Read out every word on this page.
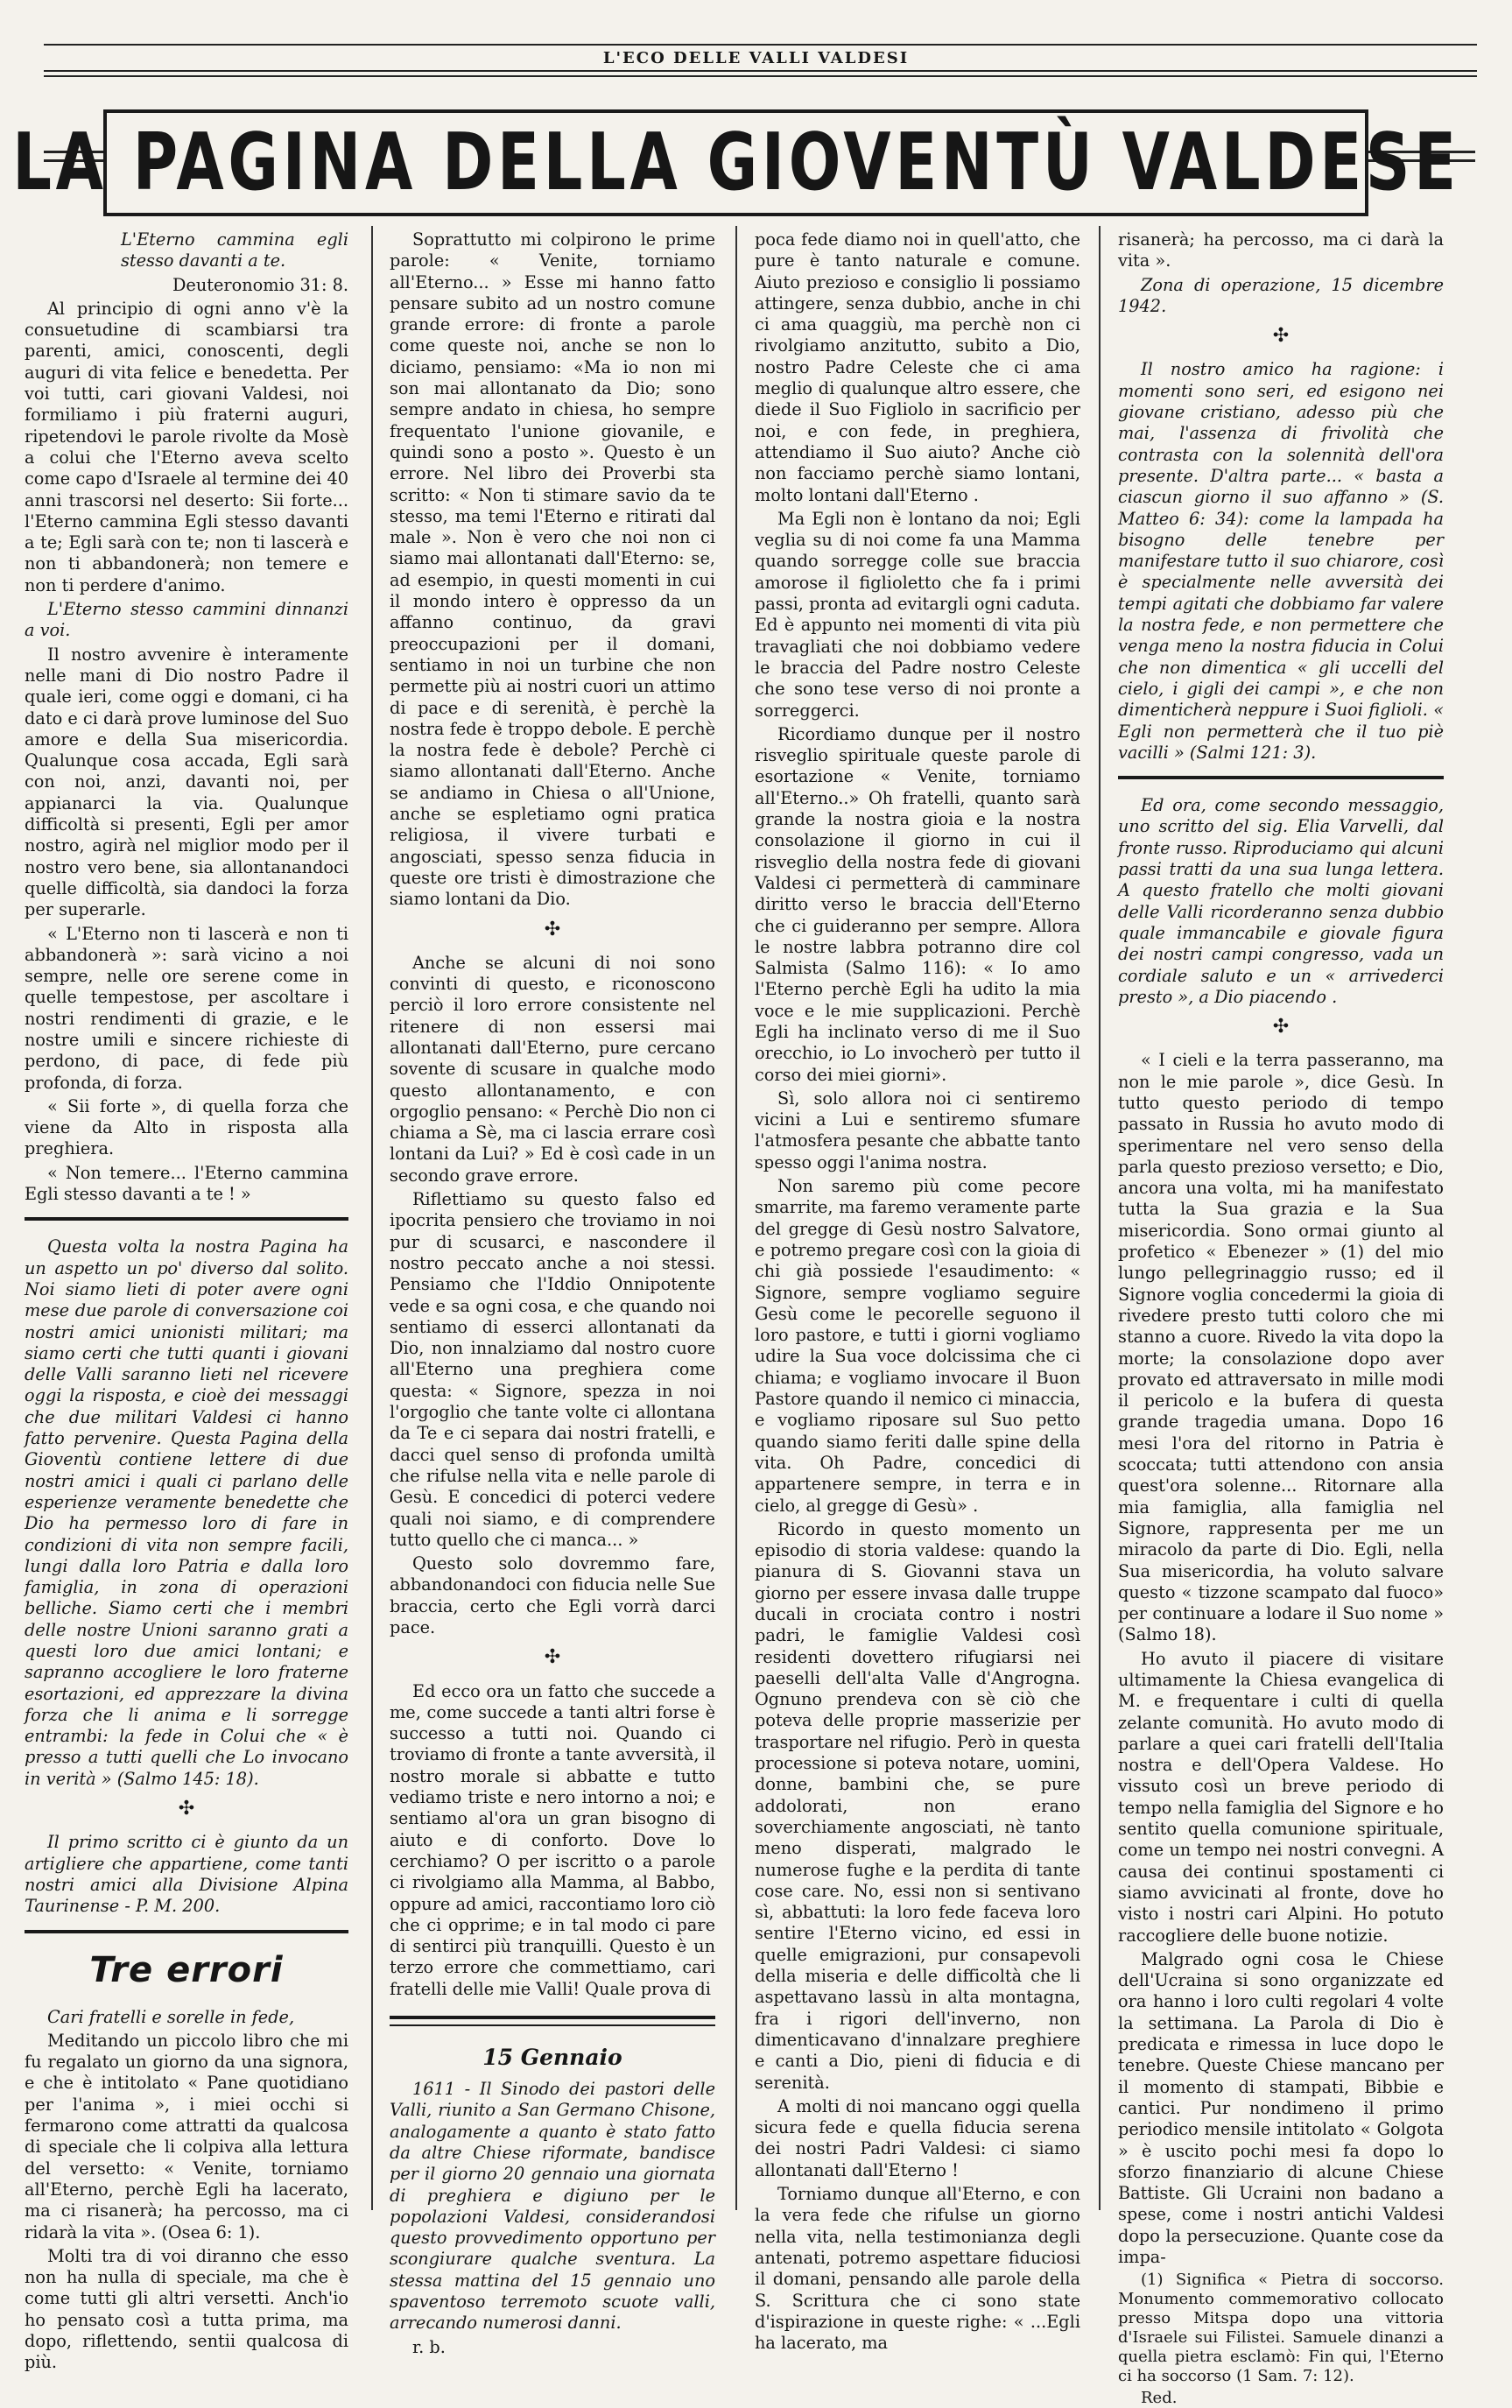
L'ECO DELLE VALLI VALDESI
LA PAGINA DELLA GIOVENTÙ VALDESE

L'Eterno cammina egli stesso davanti a te.

Deuteronomio 31: 8.

Al principio di ogni anno v'è la consuetudine di scambiarsi tra parenti, amici, conoscenti, degli auguri di vita felice e benedetta. Per voi tutti, cari giovani Valdesi, noi formiliamo i più fraterni auguri, ripetendovi le parole rivolte da Mosè a colui che l'Eterno aveva scelto come capo d'Israele al termine dei 40 anni trascorsi nel deserto: Sii forte... l'Eterno cammina Egli stesso davanti a te; Egli sarà con te; non ti lascerà e non ti abbandonerà; non temere e non ti perdere d'animo.

L'Eterno stesso cammini dinnanzi a voi.

Il nostro avvenire è interamente nelle mani di Dio nostro Padre il quale ieri, come oggi e domani, ci ha dato e ci darà prove luminose del Suo amore e della Sua misericordia. Qualunque cosa accada, Egli sarà con noi, anzi, davanti noi, per appianarci la via. Qualunque difficoltà si presenti, Egli per amor nostro, agirà nel miglior modo per il nostro vero bene, sia allontanandoci quelle difficoltà, sia dandoci la forza per superarle.

« L'Eterno non ti lascerà e non ti abbandonerà »: sarà vicino a noi sempre, nelle ore serene come in quelle tempestose, per ascoltare i nostri rendimenti di grazie, e le nostre umili e sincere richieste di perdono, di pace, di fede più profonda, di forza.

« Sii forte », di quella forza che viene da Alto in risposta alla preghiera.

« Non temere... l'Eterno cammina Egli stesso davanti a te ! »

Questa volta la nostra Pagina ha un aspetto un po' diverso dal solito. Noi siamo lieti di poter avere ogni mese due parole di conversazione coi nostri amici unionisti militari; ma siamo certi che tutti quanti i giovani delle Valli saranno lieti nel ricevere oggi la risposta, e cioè dei messaggi che due militari Valdesi ci hanno fatto pervenire. Questa Pagina della Gioventù contiene lettere di due nostri amici i quali ci parlano delle esperienze veramente benedette che Dio ha permesso loro di fare in condizioni di vita non sempre facili, lungi dalla loro Patria e dalla loro famiglia, in zona di operazioni belliche. Siamo certi che i membri delle nostre Unioni saranno grati a questi loro due amici lontani; e sapranno accogliere le loro fraterne esortazioni, ed apprezzare la divina forza che li anima e li sorregge entrambi: la fede in Colui che « è presso a tutti quelli che Lo invocano in verità » (Salmo 145: 18).

✣

Il primo scritto ci è giunto da un artigliere che appartiene, come tanti nostri amici alla Divisione Alpina Taurinense - P. M. 200.

Tre errori

Cari fratelli e sorelle in fede,

Meditando un piccolo libro che mi fu regalato un giorno da una signora, e che è intitolato « Pane quotidiano per l'anima », i miei occhi si fermarono come attratti da qualcosa di speciale che li colpiva alla lettura del versetto: « Venite, torniamo all'Eterno, perchè Egli ha lacerato, ma ci risanerà; ha percosso, ma ci ridarà la vita ». (Osea 6: 1).

Molti tra di voi diranno che esso non ha nulla di speciale, ma che è come tutti gli altri versetti. Anch'io ho pensato così a tutta prima, ma dopo, riflettendo, sentii qualcosa di più.

Soprattutto mi colpirono le prime parole: « Venite, torniamo all'Eterno... » Esse mi hanno fatto pensare subito ad un nostro comune grande errore: di fronte a parole come queste noi, anche se non lo diciamo, pensiamo: «Ma io non mi son mai allontanato da Dio; sono sempre andato in chiesa, ho sempre frequentato l'unione giovanile, e quindi sono a posto ». Questo è un errore. Nel libro dei Proverbi sta scritto: « Non ti stimare savio da te stesso, ma temi l'Eterno e ritirati dal male ». Non è vero che noi non ci siamo mai allontanati dall'Eterno: se, ad esempio, in questi momenti in cui il mondo intero è oppresso da un affanno continuo, da gravi preoccupazioni per il domani, sentiamo in noi un turbine che non permette più ai nostri cuori un attimo di pace e di serenità, è perchè la nostra fede è troppo debole. E perchè la nostra fede è debole? Perchè ci siamo allontanati dall'Eterno. Anche se andiamo in Chiesa o all'Unione, anche se espletiamo ogni pratica religiosa, il vivere turbati e angosciati, spesso senza fiducia in queste ore tristi è dimostrazione che siamo lontani da Dio.

✣

Anche se alcuni di noi sono convinti di questo, e riconoscono perciò il loro errore consistente nel ritenere di non essersi mai allontanati dall'Eterno, pure cercano sovente di scusare in qualche modo questo allontanamento, e con orgoglio pensano: « Perchè Dio non ci chiama a Sè, ma ci lascia errare così lontani da Lui? » Ed è così cade in un secondo grave errore.

Riflettiamo su questo falso ed ipocrita pensiero che troviamo in noi pur di scusarci, e nascondere il nostro peccato anche a noi stessi. Pensiamo che l'Iddio Onnipotente vede e sa ogni cosa, e che quando noi sentiamo di esserci allontanati da Dio, non innalziamo dal nostro cuore all'Eterno una preghiera come questa: « Signore, spezza in noi l'orgoglio che tante volte ci allontana da Te e ci separa dai nostri fratelli, e dacci quel senso di profonda umiltà che rifulse nella vita e nelle parole di Gesù. E concedici di poterci vedere quali noi siamo, e di comprendere tutto quello che ci manca... »

Questo solo dovremmo fare, abbandonandoci con fiducia nelle Sue braccia, certo che Egli vorrà darci pace.

✣

Ed ecco ora un fatto che succede a me, come succede a tanti altri forse è successo a tutti noi. Quando ci troviamo di fronte a tante avversità, il nostro morale si abbatte e tutto vediamo triste e nero intorno a noi; e sentiamo al'ora un gran bisogno di aiuto e di conforto. Dove lo cerchiamo? O per iscritto o a parole ci rivolgiamo alla Mamma, al Babbo, oppure ad amici, raccontiamo loro ciò che ci opprime; e in tal modo ci pare di sentirci più tranquilli. Questo è un terzo errore che commettiamo, cari fratelli delle mie Valli! Quale prova di

15 Gennaio

1611 - Il Sinodo dei pastori delle Valli, riunito a San Germano Chisone, analogamente a quanto è stato fatto da altre Chiese riformate, bandisce per il giorno 20 gennaio una giornata di preghiera e digiuno per le popolazioni Valdesi, considerandosi questo provvedimento opportuno per scongiurare qualche sventura. La stessa mattina del 15 gennaio uno spaventoso terremoto scuote valli, arrecando numerosi danni.

r. b.

poca fede diamo noi in quell'atto, che pure è tanto naturale e comune. Aiuto prezioso e consiglio li possiamo attingere, senza dubbio, anche in chi ci ama quaggiù, ma perchè non ci rivolgiamo anzitutto, subito a Dio, nostro Padre Celeste che ci ama meglio di qualunque altro essere, che diede il Suo Figliolo in sacrificio per noi, e con fede, in preghiera, attendiamo il Suo aiuto? Anche ciò non facciamo perchè siamo lontani, molto lontani dall'Eterno .

Ma Egli non è lontano da noi; Egli veglia su di noi come fa una Mamma quando sorregge colle sue braccia amorose il figlioletto che fa i primi passi, pronta ad evitargli ogni caduta. Ed è appunto nei momenti di vita più travagliati che noi dobbiamo vedere le braccia del Padre nostro Celeste che sono tese verso di noi pronte a sorreggerci.

Ricordiamo dunque per il nostro risveglio spirituale queste parole di esortazione « Venite, torniamo all'Eterno..» Oh fratelli, quanto sarà grande la nostra gioia e la nostra consolazione il giorno in cui il risveglio della nostra fede di giovani Valdesi ci permetterà di camminare diritto verso le braccia dell'Eterno che ci guideranno per sempre. Allora le nostre labbra potranno dire col Salmista (Salmo 116): « Io amo l'Eterno perchè Egli ha udito la mia voce e le mie supplicazioni. Perchè Egli ha inclinato verso di me il Suo orecchio, io Lo invocherò per tutto il corso dei miei giorni».

Sì, solo allora noi ci sentiremo vicini a Lui e sentiremo sfumare l'atmosfera pesante che abbatte tanto spesso oggi l'anima nostra.

Non saremo più come pecore smarrite, ma faremo veramente parte del gregge di Gesù nostro Salvatore, e potremo pregare così con la gioia di chi già possiede l'esaudimento: « Signore, sempre vogliamo seguire Gesù come le pecorelle seguono il loro pastore, e tutti i giorni vogliamo udire la Sua voce dolcissima che ci chiama; e vogliamo invocare il Buon Pastore quando il nemico ci minaccia, e vogliamo riposare sul Suo petto quando siamo feriti dalle spine della vita. Oh Padre, concedici di appartenere sempre, in terra e in cielo, al gregge di Gesù» .

Ricordo in questo momento un episodio di storia valdese: quando la pianura di S. Giovanni stava un giorno per essere invasa dalle truppe ducali in crociata contro i nostri padri, le famiglie Valdesi così residenti dovettero rifugiarsi nei paeselli dell'alta Valle d'Angrogna. Ognuno prendeva con sè ciò che poteva delle proprie masserizie per trasportare nel rifugio. Però in questa processione si poteva notare, uomini, donne, bambini che, se pure addolorati, non erano soverchiamente angosciati, nè tanto meno disperati, malgrado le numerose fughe e la perdita di tante cose care. No, essi non si sentivano sì, abbattuti: la loro fede faceva loro sentire l'Eterno vicino, ed essi in quelle emigrazioni, pur consapevoli della miseria e delle difficoltà che li aspettavano lassù in alta montagna, fra i rigori dell'inverno, non dimenticavano d'innalzare preghiere e canti a Dio, pieni di fiducia e di serenità.

A molti di noi mancano oggi quella sicura fede e quella fiducia serena dei nostri Padri Valdesi: ci siamo allontanati dall'Eterno !

Torniamo dunque all'Eterno, e con la vera fede che rifulse un giorno nella vita, nella testimonianza degli antenati, potremo aspettare fiduciosi il domani, pensando alle parole della S. Scrittura che ci sono state d'ispirazione in queste righe: « ...Egli ha lacerato, ma

risanerà; ha percosso, ma ci darà la vita ».

Zona di operazione, 15 dicembre 1942.

✣

Il nostro amico ha ragione: i momenti sono seri, ed esigono nei giovane cristiano, adesso più che mai, l'assenza di frivolità che contrasta con la solennità dell'ora presente. D'altra parte... « basta a ciascun giorno il suo affanno » (S. Matteo 6: 34): come la lampada ha bisogno delle tenebre per manifestare tutto il suo chiarore, così è specialmente nelle avversità dei tempi agitati che dobbiamo far valere la nostra fede, e non permettere che venga meno la nostra fiducia in Colui che non dimentica « gli uccelli del cielo, i gigli dei campi », e che non dimenticherà neppure i Suoi figlioli. « Egli non permetterà che il tuo piè vacilli » (Salmi 121: 3).

Ed ora, come secondo messaggio, uno scritto del sig. Elia Varvelli, dal fronte russo. Riproduciamo qui alcuni passi tratti da una sua lunga lettera. A questo fratello che molti giovani delle Valli ricorderanno senza dubbio quale immancabile e giovale figura dei nostri campi congresso, vada un cordiale saluto e un « arrivederci presto », a Dio piacendo .

✣

« I cieli e la terra passeranno, ma non le mie parole », dice Gesù. In tutto questo periodo di tempo passato in Russia ho avuto modo di sperimentare nel vero senso della parla questo prezioso versetto; e Dio, ancora una volta, mi ha manifestato tutta la Sua grazia e la Sua misericordia. Sono ormai giunto al profetico « Ebenezer » (1) del mio lungo pellegrinaggio russo; ed il Signore voglia concedermi la gioia di rivedere presto tutti coloro che mi stanno a cuore. Rivedo la vita dopo la morte; la consolazione dopo aver provato ed attraversato in mille modi il pericolo e la bufera di questa grande tragedia umana. Dopo 16 mesi l'ora del ritorno in Patria è scoccata; tutti attendono con ansia quest'ora solenne... Ritornare alla mia famiglia, alla famiglia nel Signore, rappresenta per me un miracolo da parte di Dio. Egli, nella Sua misericordia, ha voluto salvare questo « tizzone scampato dal fuoco» per continuare a lodare il Suo nome » (Salmo 18).

Ho avuto il piacere di visitare ultimamente la Chiesa evangelica di M. e frequentare i culti di quella zelante comunità. Ho avuto modo di parlare a quei cari fratelli dell'Italia nostra e dell'Opera Valdese. Ho vissuto così un breve periodo di tempo nella famiglia del Signore e ho sentito quella comunione spirituale, come un tempo nei nostri convegni. A causa dei continui spostamenti ci siamo avvicinati al fronte, dove ho visto i nostri cari Alpini. Ho potuto raccogliere delle buone notizie.

Malgrado ogni cosa le Chiese dell'Ucraina si sono organizzate ed ora hanno i loro culti regolari 4 volte la settimana. La Parola di Dio è predicata e rimessa in luce dopo le tenebre. Queste Chiese mancano per il momento di stampati, Bibbie e cantici. Pur nondimeno il primo periodico mensile intitolato « Golgota » è uscito pochi mesi fa dopo lo sforzo finanziario di alcune Chiese Battiste. Gli Ucraini non badano a spese, come i nostri antichi Valdesi dopo la persecuzione. Quante cose da impa-

(1) Significa « Pietra di soccorso. Monumento commemorativo collocato presso Mitspa dopo una vittoria d'Israele sui Filistei. Samuele dinanzi a quella pietra esclamò: Fin qui, l'Eterno ci ha soccorso (1 Sam. 7: 12).

Red.
